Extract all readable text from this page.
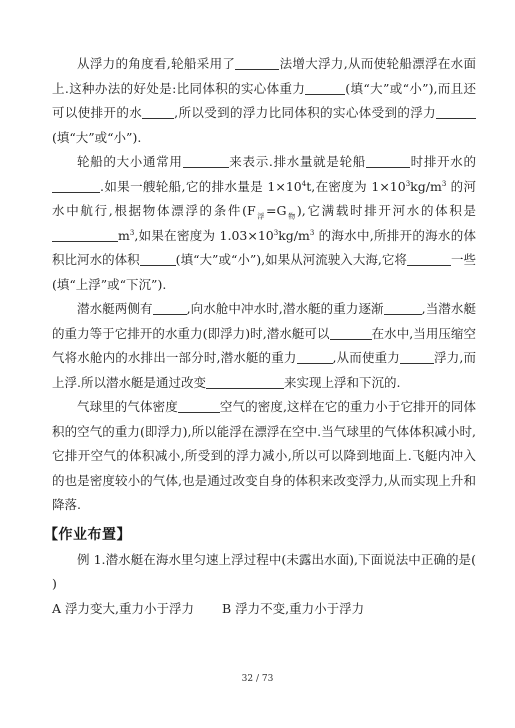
从浮力的角度看,轮船采用了	法增大浮力,从而使轮船漂浮在水面上.这种办法的好处是:比同体积的实心体重力	(填“大”或“小”),而且还可以使排开的水	,所以受到的浮力比同体积的实心体受到的浮力(填“大”或“小”).

轮船的大小通常用	来表示.排水量就是轮船	时排开水的.如果一艘轮船,它的排水量是 $1\times 10^4t$,在密度为 $1\times 10^3kg/m^3$ 的河水中航行,根据物体漂浮的条件$(F_浮=G_物)$,它满载时排开河水的体积是$m^3$,如果在密度为 $1.03\times 10^3kg/m^3$ 的海水中,所排开的海水的体积比河水的体积	(填“大”或“小”),如果从河流驶入大海,它将	一些(填“上浮”或“下沉”).

潜水艇两侧有	,向水舱中冲水时,潜水艇的重力逐渐	,当潜水艇的重力等于它排开的水重力(即浮力)时,潜水艇可以	在水中,当用压缩空气将水舱内的水排出一部分时,潜水艇的重力	,从而使重力	浮力,而上浮.所以潜水艇是通过改变	来实现上浮和下沉的.

气球里的气体密度	空气的密度,这样在它的重力小于它排开的同体积的空气的重力(即浮力),所以能浮在漂浮在空中.当气球里的气体体积减小时,它排开空气的体积减小,所受到的浮力减小,所以可以降到地面上.飞艇内冲入的也是密度较小的气体,也是通过改变自身的体积来改变浮力,从而实现上升和降落.

【作业布置】

例 1.潜水艇在海水里匀速上浮过程中(未露出水面),下面说法中正确的是(　　)

A 浮力变大,重力小于浮力 B 浮力不变,重力小于浮力

32 / 73
